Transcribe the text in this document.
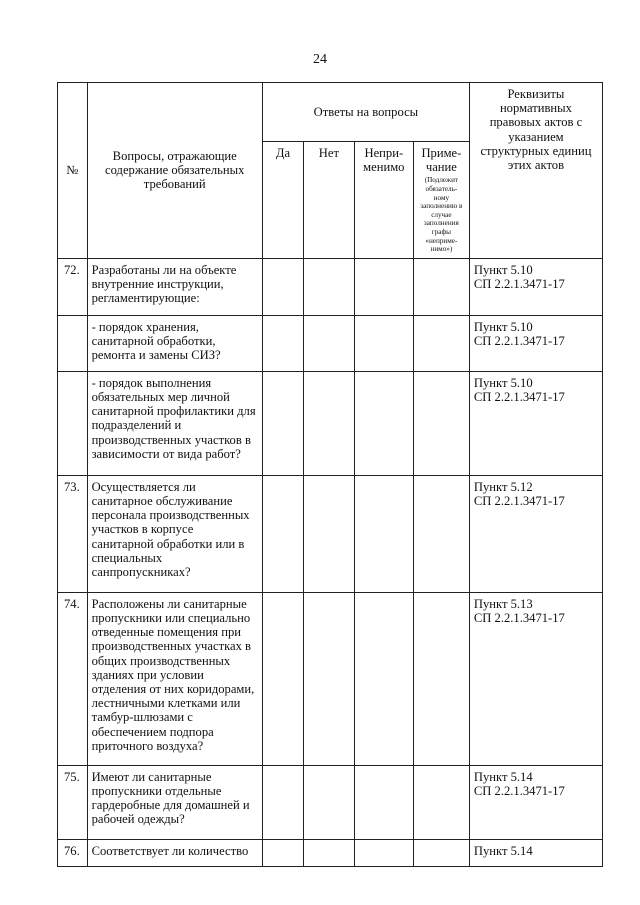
24
№	Вопросы, отражающие содержание обязательных требований	Ответы на вопросы				Реквизиты нормативных правовых актов с указанием структурных единиц этих актов
		Да	Нет	Непри-менимо	Приме-чание
(Подлежит обязатель-ному заполнению в случае заполнения графы «неприме-нимо»)	

72.	Разработаны ли на объекте внутренние инструкции, регламентирующие:					Пункт 5.10
СП 2.2.1.3471-17

	- порядок хранения, санитарной обработки, ремонта и замены СИЗ?					Пункт 5.10
СП 2.2.1.3471-17

	- порядок выполнения обязательных мер личной санитарной профилактики для подразделений и производственных участков в зависимости от вида работ?					Пункт 5.10
СП 2.2.1.3471-17

73.	Осуществляется ли санитарное обслуживание персонала производственных участков в корпусе санитарной обработки или в специальных санпропускниках?					Пункт 5.12
СП 2.2.1.3471-17

74.	Расположены ли санитарные пропускники или специально отведенные помещения при производственных участках в общих производственных зданиях при условии отделения от них коридорами, лестничными клетками или тамбур-шлюзами с обеспечением подпора приточного воздуха?					Пункт 5.13
СП 2.2.1.3471-17

75.	Имеют ли санитарные пропускники отдельные гардеробные для домашней и рабочей одежды?					Пункт 5.14
СП 2.2.1.3471-17

76.	Соответствует ли количество					Пункт 5.14
